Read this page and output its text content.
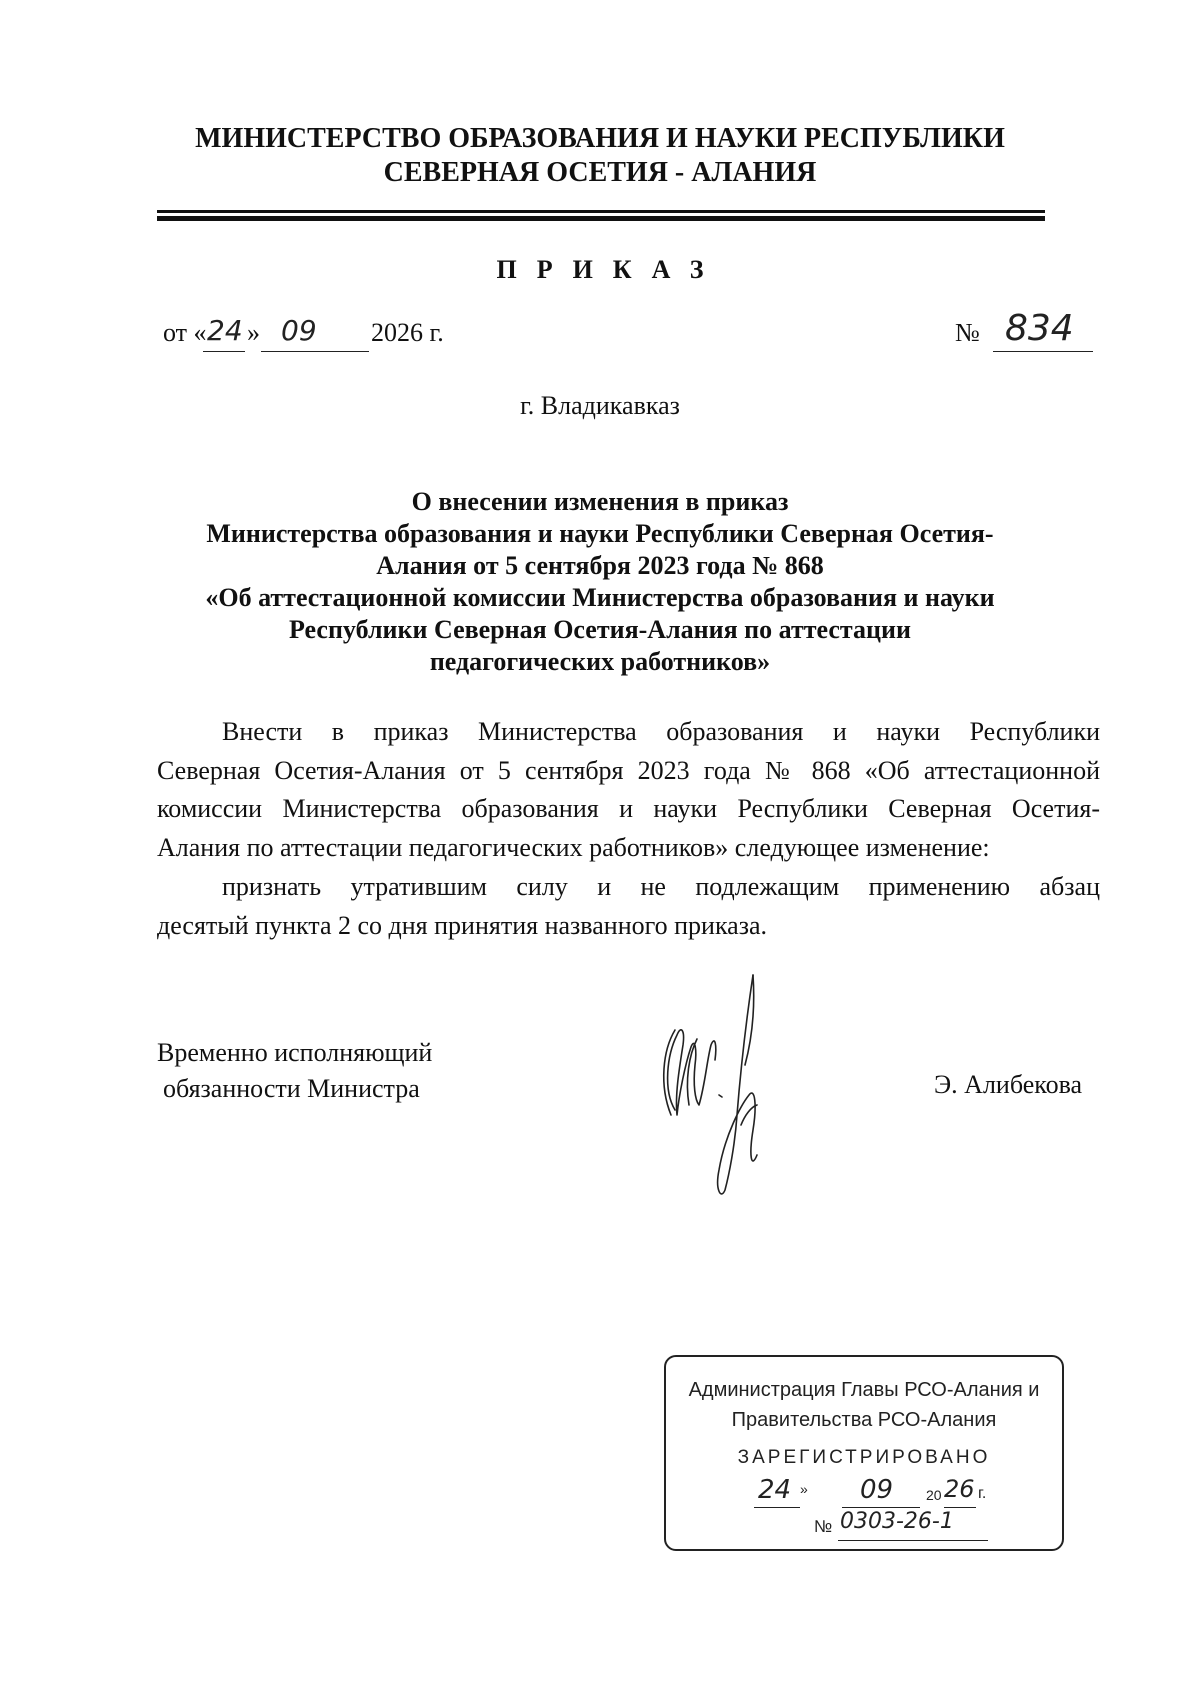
МИНИСТЕРСТВО ОБРАЗОВАНИЯ И НАУКИ РЕСПУБЛИКИ
СЕВЕРНАЯ ОСЕТИЯ - АЛАНИЯ
ПРИКАЗ
от « 24 » 09 2026 г.	№ 834
г. Владикавказ
О внесении изменения в приказ
Министерства образования и науки Республики Северная Осетия-
Алания от 5 сентября 2023 года № 868
«Об аттестационной комиссии Министерства образования и науки
Республики Северная Осетия-Алания по аттестации
педагогических работников»
Внести в приказ Министерства образования и науки Республики
Северная Осетия-Алания от 5 сентября 2023 года № 868 «Об аттестационной
комиссии Министерства образования и науки Республики Северная Осетия-
Алания по аттестации педагогических работников» следующее изменение:
признать утратившим силу и не подлежащим применению абзац
десятый пункта 2 со дня принятия названного приказа.
Временно исполняющий
обязанности Министра	Э. Алибекова
Администрация Главы РСО-Алания и
Правительства РСО-Алания
ЗАРЕГИСТРИРОВАНО
24 » 09 20 26 г.
№ 0303-26-1
